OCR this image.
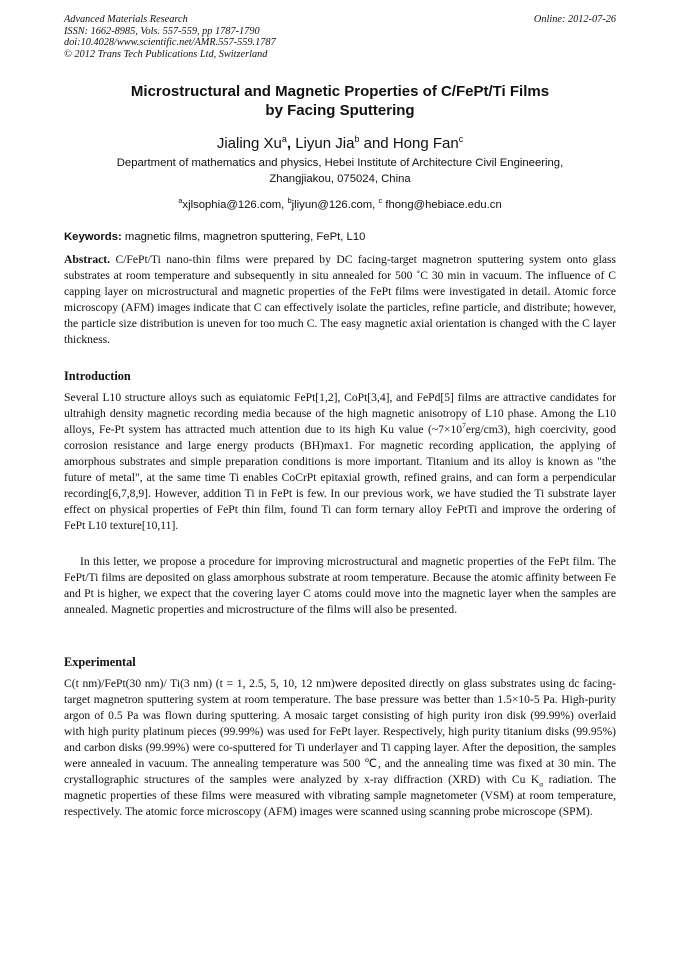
Advanced Materials Research
ISSN: 1662-8985, Vols. 557-559, pp 1787-1790
doi:10.4028/www.scientific.net/AMR.557-559.1787
© 2012 Trans Tech Publications Ltd, Switzerland
Online: 2012-07-26
Microstructural and Magnetic Properties of C/FePt/Ti Films
by Facing Sputtering
Jialing Xu$^a$, Liyun Jia$^b$ and Hong Fan$^c$
Department of mathematics and physics, Hebei Institute of Architecture Civil Engineering,
Zhangjiakou, 075024, China
$^a$xjlsophia@126.com, $^b$jliyun@126.com, $^c$ fhong@hebiace.edu.cn
Keywords: magnetic films, magnetron sputtering, FePt, L10
Abstract. C/FePt/Ti nano-thin films were prepared by DC facing-target magnetron sputtering system onto glass substrates at room temperature and subsequently in situ annealed for 500 ˚C 30 min in vacuum. The influence of C capping layer on microstructural and magnetic properties of the FePt films were investigated in detail. Atomic force microscopy (AFM) images indicate that C can effectively isolate the particles, refine particle, and distribute; however, the particle size distribution is uneven for too much C. The easy magnetic axial orientation is changed with the C layer thickness.
Introduction
Several L10 structure alloys such as equiatomic FePt[1,2], CoPt[3,4], and FePd[5] films are attractive candidates for ultrahigh density magnetic recording media because of the high magnetic anisotropy of L10 phase. Among the L10 alloys, Fe-Pt system has attracted much attention due to its high Ku value $(\sim 7\times 10^7erg/cm3)$, high coercivity, good corrosion resistance and large energy products (BH)max1. For magnetic recording application, the applying of amorphous substrates and simple preparation conditions is more important. Titanium and its alloy is known as "the future of metal", at the same time Ti enables CoCrPt epitaxial growth, refined grains, and can form a perpendicular recording[6,7,8,9]. However, addition Ti in FePt is few. In our previous work, we have studied the Ti substrate layer effect on physical properties of FePt thin film, found Ti can form ternary alloy FePtTi and improve the ordering of FePt L10 texture[10,11].
In this letter, we propose a procedure for improving microstructural and magnetic properties of the FePt film. The FePt/Ti films are deposited on glass amorphous substrate at room temperature. Because the atomic affinity between Fe and Pt is higher, we expect that the covering layer C atoms could move into the magnetic layer when the samples are annealed. Magnetic properties and microstructure of the films will also be presented.
Experimental
C(t nm)/FePt(30 nm)/ Ti(3 nm) (t = 1, 2.5, 5, 10, 12 nm)were deposited directly on glass substrates using dc facing-target magnetron sputtering system at room temperature. The base pressure was better than 1.5×10-5 Pa. High-purity argon of 0.5 Pa was flown during sputtering. A mosaic target consisting of high purity iron disk (99.99%) overlaid with high purity platinum pieces (99.99%) was used for FePt layer. Respectively, high purity titanium disks (99.95%) and carbon disks (99.99%) were co-sputtered for Ti underlayer and Ti capping layer. After the deposition, the samples were annealed in vacuum. The annealing temperature was 500 ℃, and the annealing time was fixed at 30 min. The crystallographic structures of the samples were analyzed by x-ray diffraction (XRD) with Cu $K_\alpha$ radiation. The magnetic properties of these films were measured with vibrating sample magnetometer (VSM) at room temperature, respectively. The atomic force microscopy (AFM) images were scanned using scanning probe microscope (SPM).
